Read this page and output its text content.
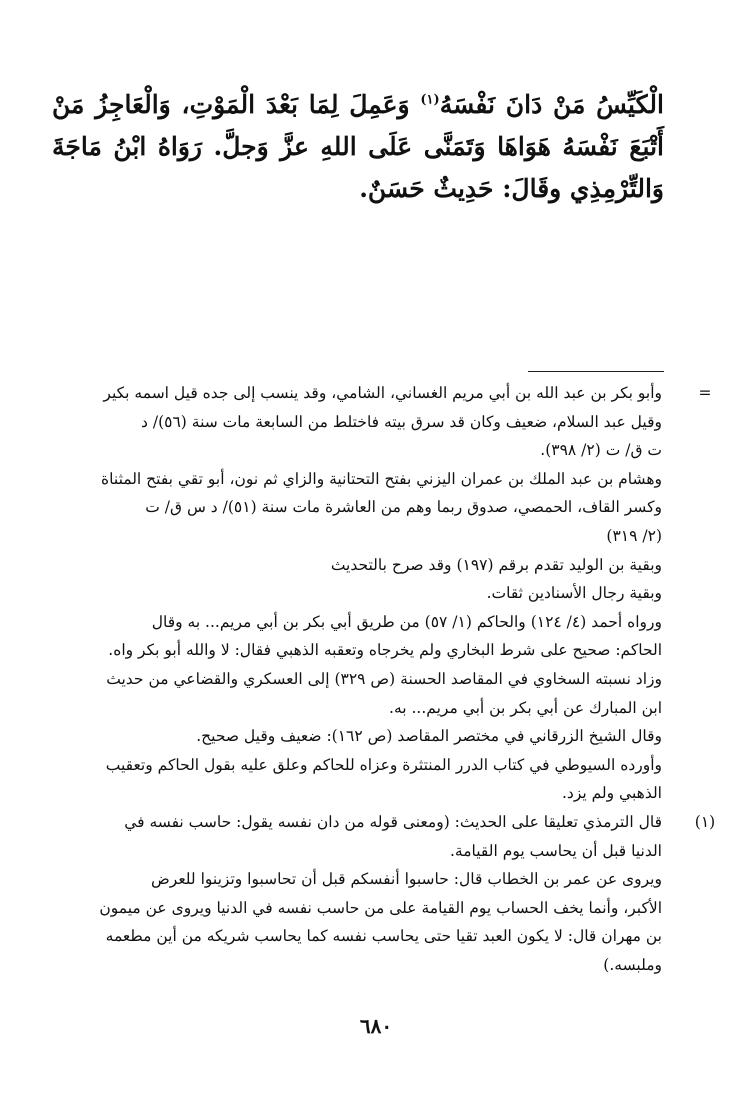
الْكَيِّسُ مَنْ دَانَ نَفْسَهُ$^{(١)}$ وَعَمِلَ لِمَا بَعْدَ الْمَوْتِ، وَالْعَاجِزُ مَنْ أَتْبَعَ نَفْسَهُ هَوَاهَا وَتَمَنَّى عَلَى اللهِ عزَّ وَجلَّ. رَوَاهُ ابْنُ مَاجَةَ وَالتِّرْمِذِي وقَالَ: حَدِيثٌ حَسَنٌ.
=
وأبو بكر بن عبد الله بن أبي مريم الغساني، الشامي، وقد ينسب إلى جده قيل اسمه بكير
وقيل عبد السلام، ضعيف وكان قد سرق بيته فاختلط من السابعة مات سنة (٥٦)/ د
ت ق/ ت (٢/ ٣٩٨).
وهشام بن عبد الملك بن عمران اليزني بفتح التحتانية والزاي ثم نون، أبو تقي بفتح المثناة
وكسر القاف، الحمصي، صدوق ربما وهم من العاشرة مات سنة (٥١)/ د س ق/ ت
(٢/ ٣١٩)
وبقية بن الوليد تقدم برقم (١٩٧) وقد صرح بالتحديث
وبقية رجال الأسنادين ثقات.
ورواه أحمد (٤/ ١٢٤) والحاكم (١/ ٥٧) من طريق أبي بكر بن أبي مريم... به وقال
الحاكم: صحيح على شرط البخاري ولم يخرجاه وتعقبه الذهبي فقال: لا والله أبو بكر واه.
وزاد نسبته السخاوي في المقاصد الحسنة (ص ٣٢٩) إلى العسكري والقضاعي من حديث
ابن المبارك عن أبي بكر بن أبي مريم... به.
وقال الشيخ الزرقاني في مختصر المقاصد (ص ١٦٢): ضعيف وقيل صحيح.
وأورده السيوطي في كتاب الدرر المنتثرة وعزاه للحاكم وعلق عليه بقول الحاكم وتعقيب
الذهبي ولم يزد.
(١)
قال الترمذي تعليقا على الحديث: (ومعنى قوله من دان نفسه يقول: حاسب نفسه في
الدنيا قبل أن يحاسب يوم القيامة.
ويروى عن عمر بن الخطاب قال: حاسبوا أنفسكم قبل أن تحاسبوا وتزينوا للعرض
الأكبر، وأنما يخف الحساب يوم القيامة على من حاسب نفسه في الدنيا ويروى عن ميمون
بن مهران قال: لا يكون العبد تقيا حتى يحاسب نفسه كما يحاسب شريكه من أين مطعمه
وملبسه.)
٦٨٠
